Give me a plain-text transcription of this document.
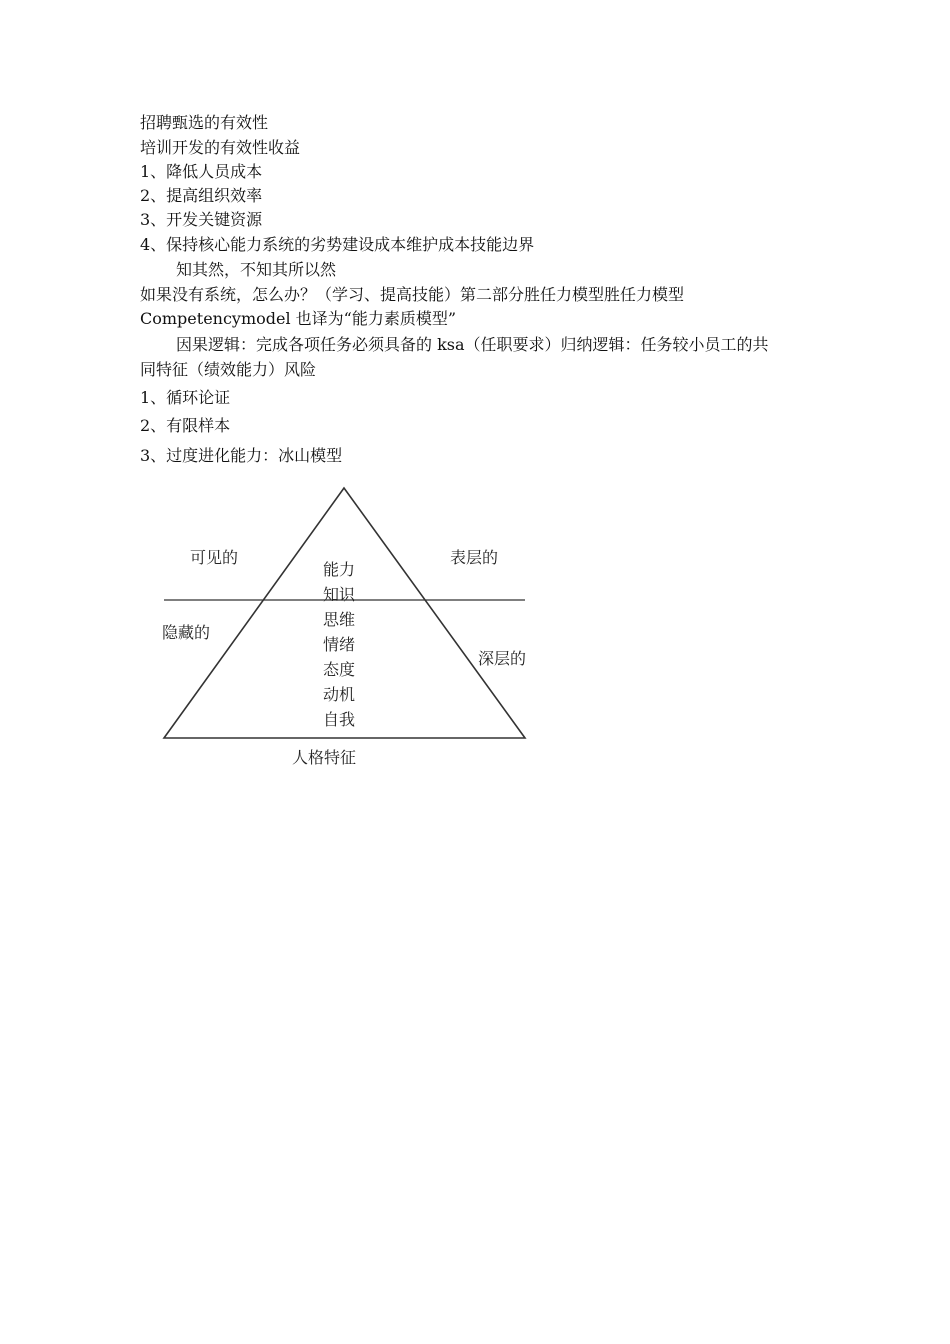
招聘甄选的有效性
培训开发的有效性收益
1、降低人员成本
2、提高组织效率
3、开发关键资源
4、保持核心能力系统的劣势建设成本维护成本技能边界
知其然，不知其所以然
如果没有系统，怎么办？（学习、提高技能）第二部分胜任力模型胜任力模型
Competencymodel 也译为“能力素质模型”
因果逻辑：完成各项任务必须具备的 ksa（任职要求）归纳逻辑：任务较小员工的共
同特征（绩效能力）风险
1、循环论证
2、有限样本
3、过度进化能力：冰山模型
可见的	表层的
隐藏的
深层的
人格特征
能力
知识
思维
情绪
态度
动机
自我
